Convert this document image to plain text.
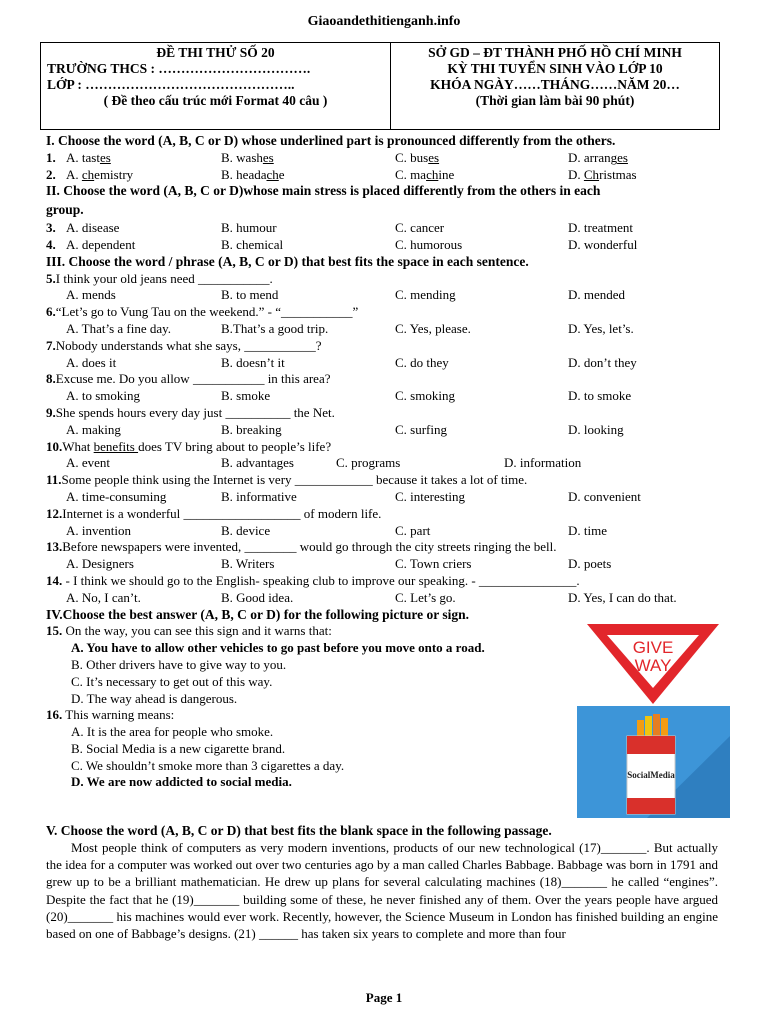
Giaoandethitienganh.info
ĐỀ THI THỬ SỐ 20
TRƯỜNG THCS : …………………………….
LỚP : ………………………………………..
( Đề theo cấu trúc mới Format 40 câu )
SỞ GD – ĐT THÀNH PHỐ HỒ CHÍ MINH
KỲ THI TUYỂN SINH VÀO LỚP 10
KHÓA NGÀY……THÁNG……NĂM 20…
(Thời gian làm bài 90 phút)
I. Choose the word (A, B, C or D) whose underlined part is pronounced differently from the others.
1. A. tastes	B. washes	C. buses	D. arranges
2. A. chemistry	B. headache	C. machine	D. Christmas
II. Choose the word (A, B, C or D)whose main stress is placed differently from the others in each
group.
3. A. disease	B. humour	C. cancer	D. treatment
4. A. dependent	B. chemical	C. humorous	D. wonderful
III. Choose the word / phrase (A, B, C or D) that best fits the space in each sentence.
5.I think your old jeans need ___________.
A. mends	B. to mend	C. mending	D. mended
6.“Let’s go to Vung Tau on the weekend.” - “___________”
A. That’s a fine day.	B.That’s a good trip.	C. Yes, please.	D. Yes, let’s.
7.Nobody understands what she says, ___________?
A. does it	B. doesn’t it	C. do they	D. don’t they
8.Excuse me. Do you allow ___________ in this area?
A. to smoking	B. smoke	C. smoking	D. to smoke
9.She spends hours every day just __________ the Net.
A. making	B. breaking	C. surfing	D. looking
10.What benefits does TV bring about to people’s life?
A. event	B. advantages	C. programs	D. information
11.Some people think using the Internet is very ____________ because it takes a lot of time.
A. time-consuming	B. informative	C. interesting	D. convenient
12.Internet is a wonderful __________________ of modern life.
A. invention	B. device	C. part	D. time
13.Before newspapers were invented, ________ would go through the city streets ringing the bell.
A. Designers	B. Writers	C. Town criers	D. poets
14. - I think we should go to the English- speaking club to improve our speaking. - _______________.
A. No, I can’t.	B. Good idea.	C. Let’s go.	D. Yes, I can do that.
IV.Choose the best answer (A, B, C or D) for the following picture or sign.
15. On the way, you can see this sign and it warns that:
A. You have to allow other vehicles to go past before you move onto a road.
B. Other drivers have to give way to you.
C. It’s necessary to get out of this way.
D. The way ahead is dangerous.
16. This warning means:
A. It is the area for people who smoke.
B. Social Media is a new cigarette brand.
C. We shouldn’t smoke more than 3 cigarettes a day.
D. We are now addicted to social media.
GIVE
WAY
SocialMedia
V. Choose the word (A, B, C or D) that best fits the blank space in the following passage.

Most people think of computers as very modern inventions, products of our new technological (17)_______. But actually the idea for a computer was worked out over two centuries ago by a man called Charles Babbage. Babbage was born in 1791 and grew up to be a brilliant mathematician. He drew up plans for several calculating machines (18)_______ he called “engines”. Despite the fact that he (19)_______ building some of these, he never finished any of them. Over the years people have argued (20)_______ his machines would ever work. Recently, however, the Science Museum in London has finished building an engine based on one of Babbage’s designs. (21) ______ has taken six years to complete and more than four

Page 1
